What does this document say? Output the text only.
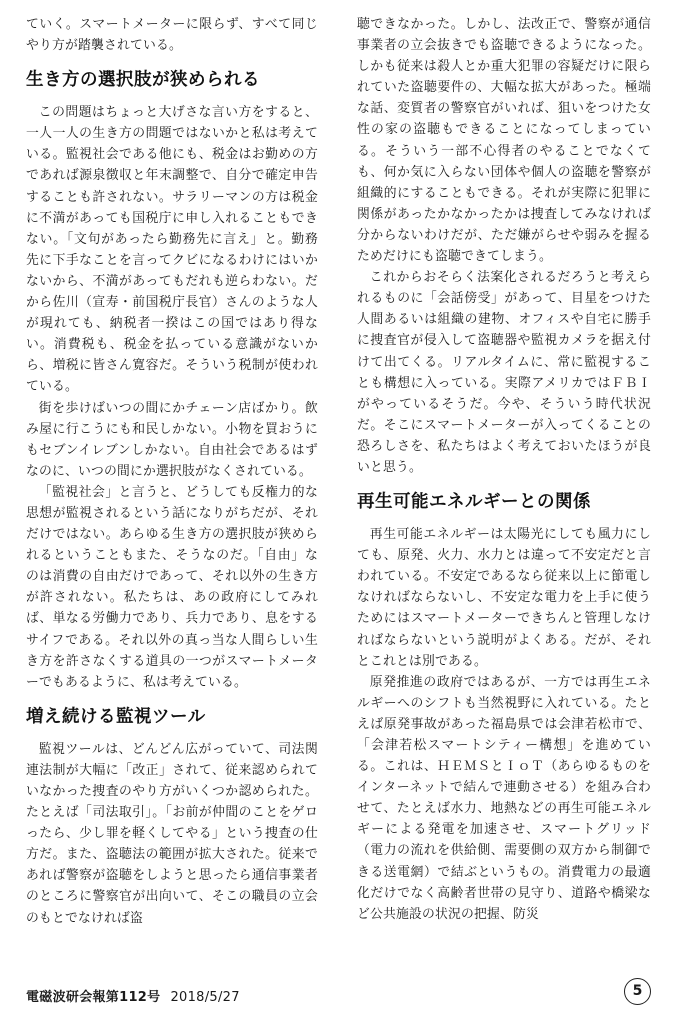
ていく。スマートメーターに限らず、すべて同じやり方が踏襲されている。

生き方の選択肢が狭められる

この問題はちょっと大げさな言い方をすると、一人一人の生き方の問題ではないかと私は考えている。監視社会である他にも、税金はお勤めの方であれば源泉徴収と年末調整で、自分で確定申告することも許されない。サラリーマンの方は税金に不満があっても国税庁に申し入れることもできない。「文句があったら勤務先に言え」と。勤務先に下手なことを言ってクビになるわけにはいかないから、不満があってもだれも逆らわない。だから佐川（宣寿・前国税庁長官）さんのような人が現れても、納税者一揆はこの国ではあり得ない。消費税も、税金を払っている意識がないから、増税に皆さん寛容だ。そういう税制が使われている。

街を歩けばいつの間にかチェーン店ばかり。飲み屋に行こうにも和民しかない。小物を買おうにもセブンイレブンしかない。自由社会であるはずなのに、いつの間にか選択肢がなくされている。

「監視社会」と言うと、どうしても反権力的な思想が監視されるという話になりがちだが、それだけではない。あらゆる生き方の選択肢が狭められるということもまた、そうなのだ。「自由」なのは消費の自由だけであって、それ以外の生き方が許されない。私たちは、あの政府にしてみれば、単なる労働力であり、兵力であり、息をするサイフである。それ以外の真っ当な人間らしい生き方を許さなくする道具の一つがスマートメーターでもあるように、私は考えている。

増え続ける監視ツール

監視ツールは、どんどん広がっていて、司法関連法制が大幅に「改正」されて、従来認められていなかった捜査のやり方がいくつか認められた。たとえば「司法取引」。「お前が仲間のことをゲロったら、少し罪を軽くしてやる」という捜査の仕方だ。また、盗聴法の範囲が拡大された。従来であれば警察が盗聴をしようと思ったら通信事業者のところに警察官が出向いて、そこの職員の立会のもとでなければ盗

聴できなかった。しかし、法改正で、警察が通信事業者の立会抜きでも盗聴できるようになった。しかも従来は殺人とか重大犯罪の容疑だけに限られていた盗聴要件の、大幅な拡大があった。極端な話、変質者の警察官がいれば、狙いをつけた女性の家の盗聴もできることになってしまっている。そういう一部不心得者のやることでなくても、何か気に入らない団体や個人の盗聴を警察が組織的にすることもできる。それが実際に犯罪に関係があったかなかったかは捜査してみなければ分からないわけだが、ただ嫌がらせや弱みを握るためだけにも盗聴できてしまう。

これからおそらく法案化されるだろうと考えられるものに「会話傍受」があって、目星をつけた人間あるいは組織の建物、オフィスや自宅に勝手に捜査官が侵入して盗聴器や監視カメラを据え付けて出てくる。リアルタイムに、常に監視することも構想に入っている。実際アメリカではＦＢＩがやっているそうだ。今や、そういう時代状況だ。そこにスマートメーターが入ってくることの恐ろしさを、私たちはよく考えておいたほうが良いと思う。

再生可能エネルギーとの関係

再生可能エネルギーは太陽光にしても風力にしても、原発、火力、水力とは違って不安定だと言われている。不安定であるなら従来以上に節電しなければならないし、不安定な電力を上手に使うためにはスマートメーターできちんと管理しなければならないという説明がよくある。だが、それとこれとは別である。

原発推進の政府ではあるが、一方では再生エネルギーへのシフトも当然視野に入れている。たとえば原発事故があった福島県では会津若松市で、「会津若松スマートシティー構想」を進めている。これは、ＨＥＭＳとＩｏＴ（あらゆるものをインターネットで結んで連動させる）を組み合わせて、たとえば水力、地熱などの再生可能エネルギーによる発電を加速させ、スマートグリッド（電力の流れを供給側、需要側の双方から制御できる送電網）で結ぶというもの。消費電力の最適化だけでなく高齢者世帯の見守り、道路や橋梁など公共施設の状況の把握、防災

電磁波研会報第112号 2018/5/27	5
